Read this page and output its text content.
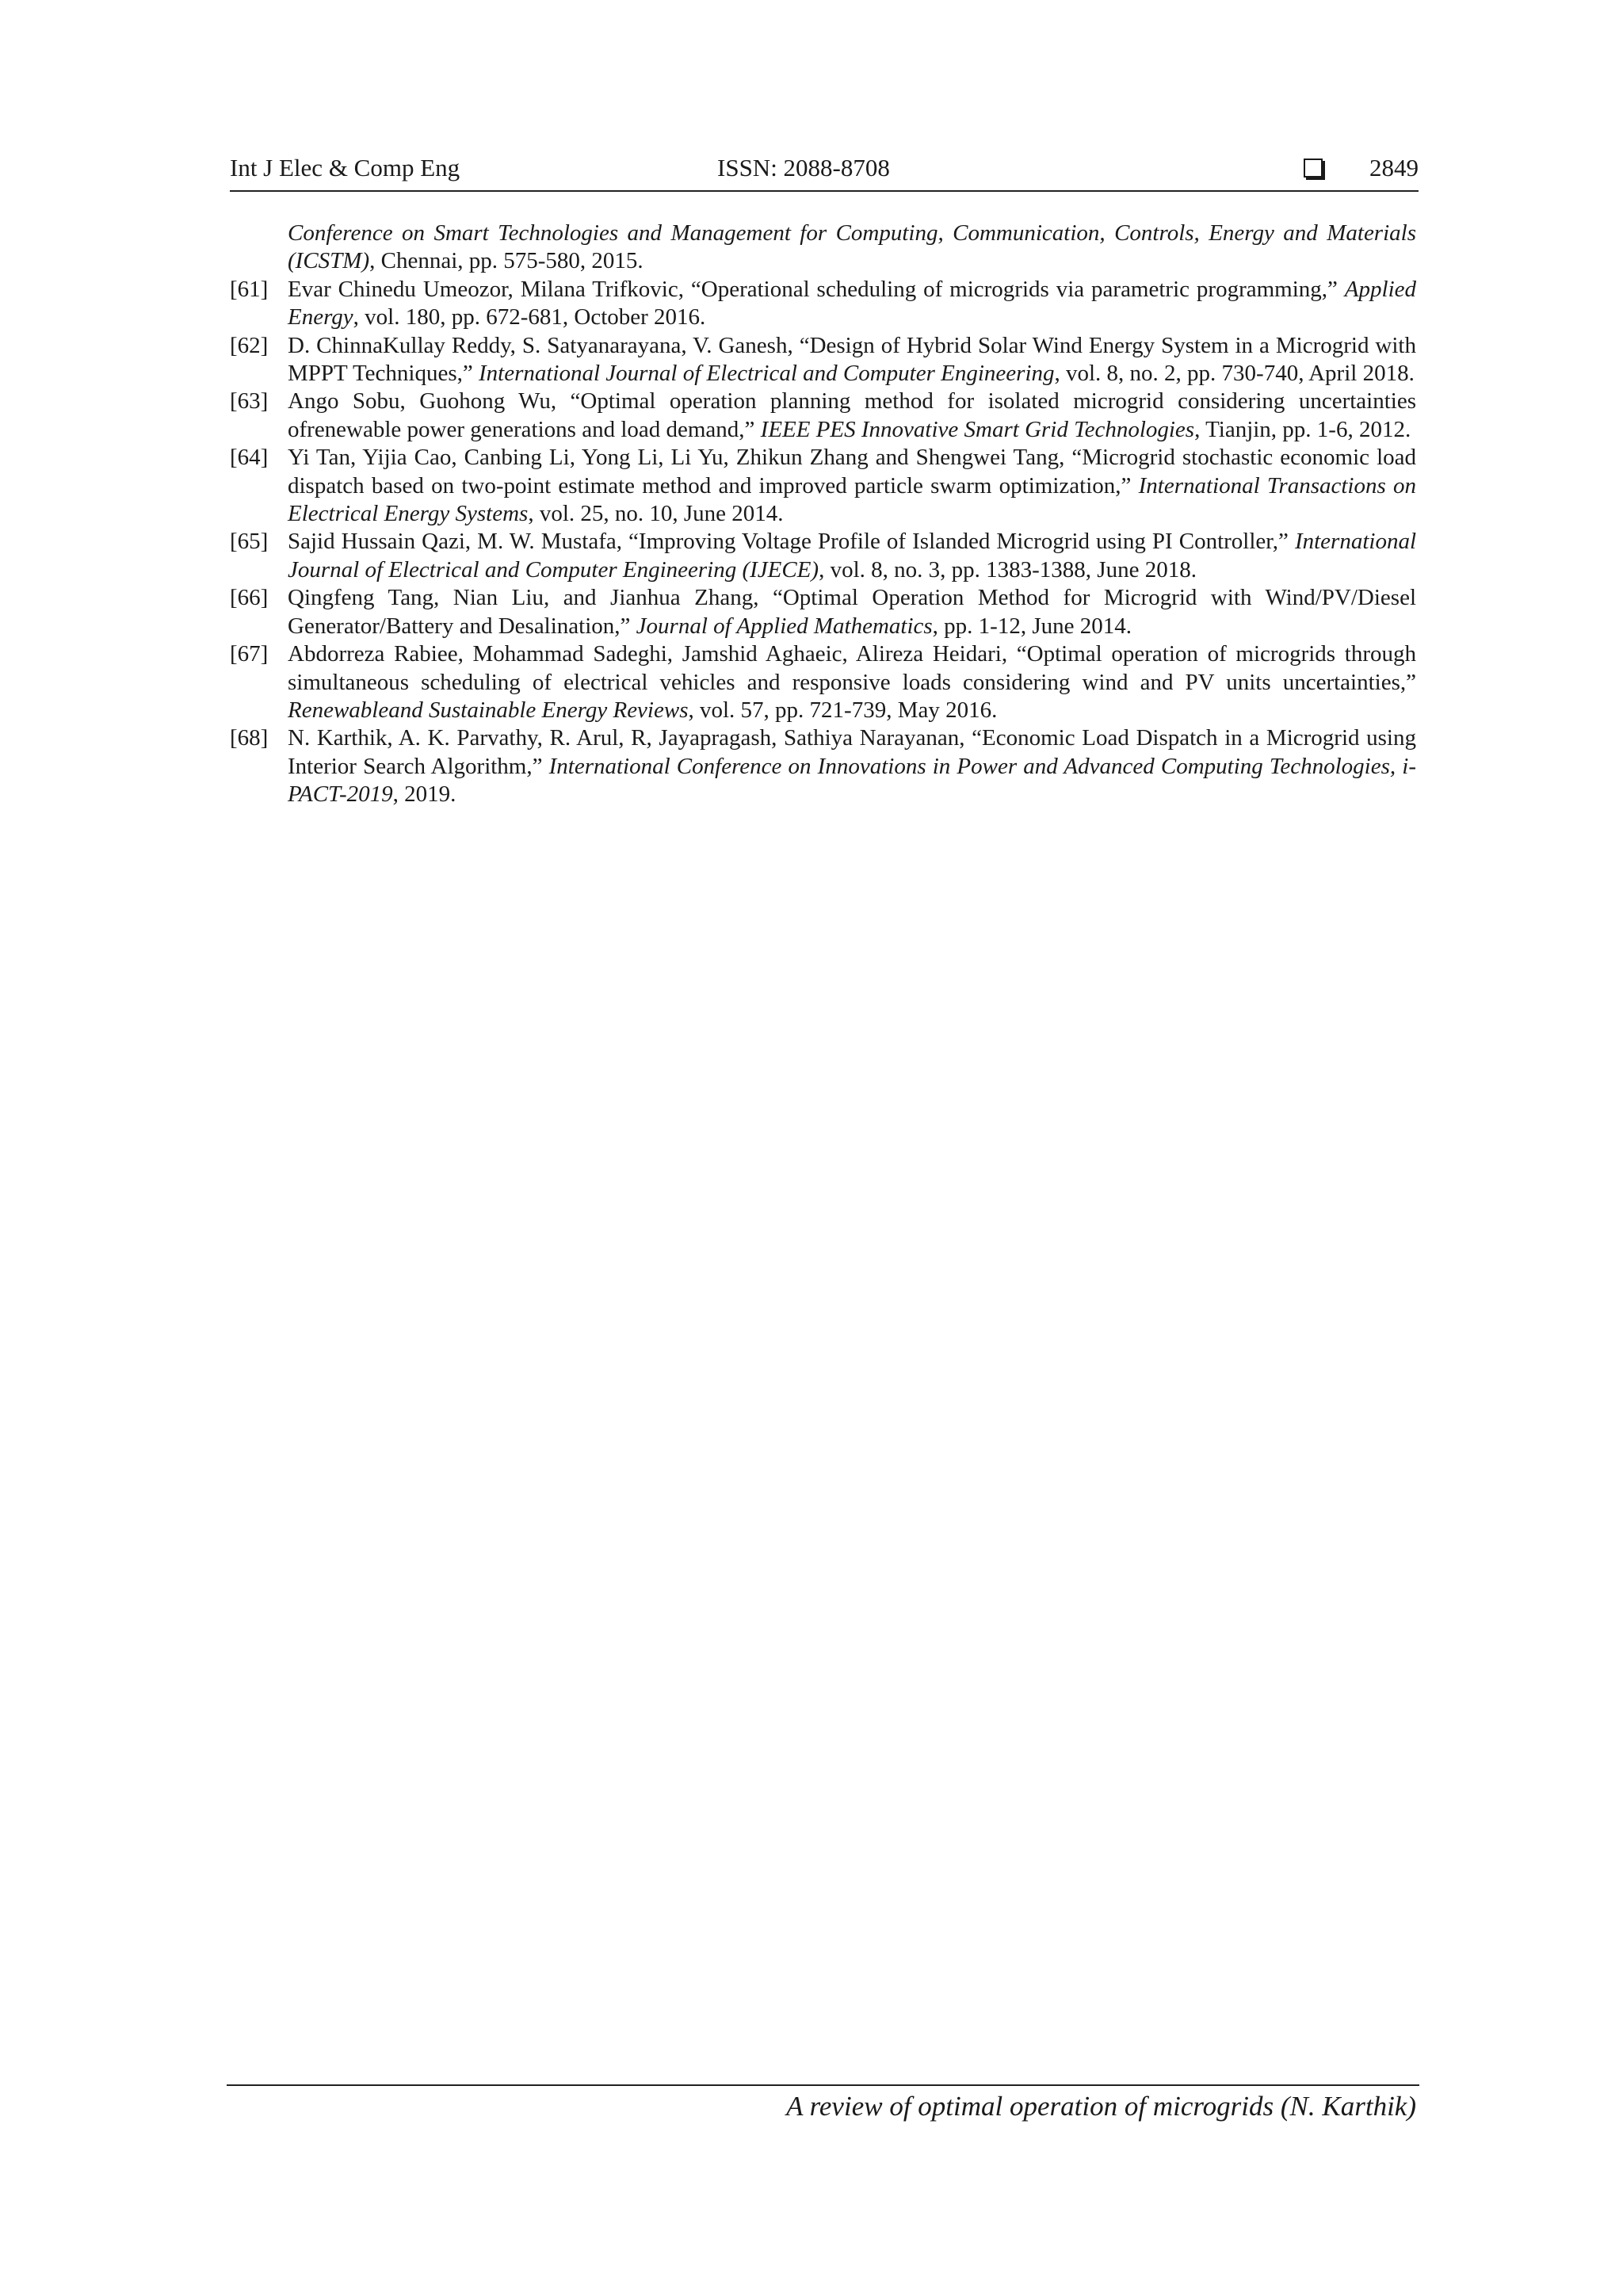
Int J Elec & Comp Eng	ISSN: 2088-8708	2849
Conference on Smart Technologies and Management for Computing, Communication, Controls, Energy and Materials (ICSTM), Chennai, pp. 575-580, 2015.
[61] Evar Chinedu Umeozor, Milana Trifkovic, “Operational scheduling of microgrids via parametric programming,” Applied Energy, vol. 180, pp. 672-681, October 2016.
[62] D. ChinnaKullay Reddy, S. Satyanarayana, V. Ganesh, “Design of Hybrid Solar Wind Energy System in a Microgrid with MPPT Techniques,” International Journal of Electrical and Computer Engineering, vol. 8, no. 2, pp. 730-740, April 2018.
[63] Ango Sobu, Guohong Wu, “Optimal operation planning method for isolated microgrid considering uncertainties ofrenewable power generations and load demand,” IEEE PES Innovative Smart Grid Technologies, Tianjin, pp. 1-6, 2012.
[64] Yi Tan, Yijia Cao, Canbing Li, Yong Li, Li Yu, Zhikun Zhang and Shengwei Tang, “Microgrid stochastic economic load dispatch based on two-point estimate method and improved particle swarm optimization,” International Transactions on Electrical Energy Systems, vol. 25, no. 10, June 2014.
[65] Sajid Hussain Qazi, M. W. Mustafa, “Improving Voltage Profile of Islanded Microgrid using PI Controller,” International Journal of Electrical and Computer Engineering (IJECE), vol. 8, no. 3, pp. 1383-1388, June 2018.
[66] Qingfeng Tang, Nian Liu, and Jianhua Zhang, “Optimal Operation Method for Microgrid with Wind/PV/Diesel Generator/Battery and Desalination,” Journal of Applied Mathematics, pp. 1-12, June 2014.
[67] Abdorreza Rabiee, Mohammad Sadeghi, Jamshid Aghaeic, Alireza Heidari, “Optimal operation of microgrids through simultaneous scheduling of electrical vehicles and responsive loads considering wind and PV units uncertainties,” Renewableand Sustainable Energy Reviews, vol. 57, pp. 721-739, May 2016.
[68] N. Karthik, A. K. Parvathy, R. Arul, R, Jayapragash, Sathiya Narayanan, “Economic Load Dispatch in a Microgrid using Interior Search Algorithm,” International Conference on Innovations in Power and Advanced Computing Technologies, i-PACT-2019, 2019.
A review of optimal operation of microgrids (N. Karthik)
